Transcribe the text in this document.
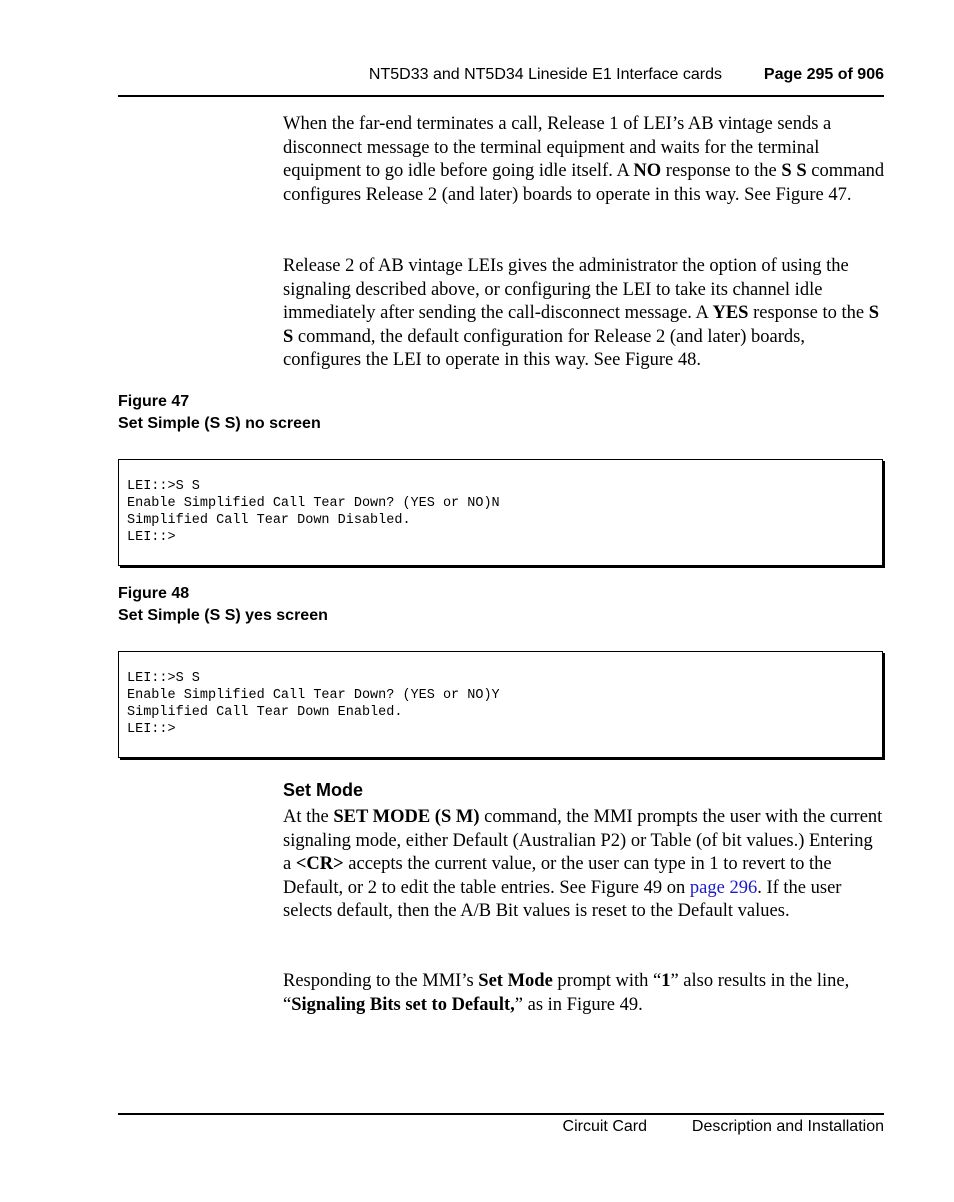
NT5D33 and NT5D34 Lineside E1 Interface cards	Page 295 of 906
When the far-end terminates a call, Release 1 of LEI’s AB vintage sends a disconnect message to the terminal equipment and waits for the terminal equipment to go idle before going idle itself. A NO response to the S S command configures Release 2 (and later) boards to operate in this way. See Figure 47.
Release 2 of AB vintage LEIs gives the administrator the option of using the signaling described above, or configuring the LEI to take its channel idle immediately after sending the call-disconnect message. A YES response to the S S command, the default configuration for Release 2 (and later) boards, configures the LEI to operate in this way. See Figure 48.
Figure 47
Set Simple (S S) no screen
LEI::>S S
Enable Simplified Call Tear Down? (YES or NO)N
Simplified Call Tear Down Disabled.
LEI::>
Figure 48
Set Simple (S S) yes screen
LEI::>S S
Enable Simplified Call Tear Down? (YES or NO)Y
Simplified Call Tear Down Enabled.
LEI::>
Set Mode
At the SET MODE (S M) command, the MMI prompts the user with the current signaling mode, either Default (Australian P2) or Table (of bit values.) Entering a <CR> accepts the current value, or the user can type in 1 to revert to the Default, or 2 to edit the table entries. See Figure 49 on page 296. If the user selects default, then the A/B Bit values is reset to the Default values.
Responding to the MMI’s Set Mode prompt with “1” also results in the line, “Signaling Bits set to Default,” as in Figure 49.
Circuit Card	Description and Installation
